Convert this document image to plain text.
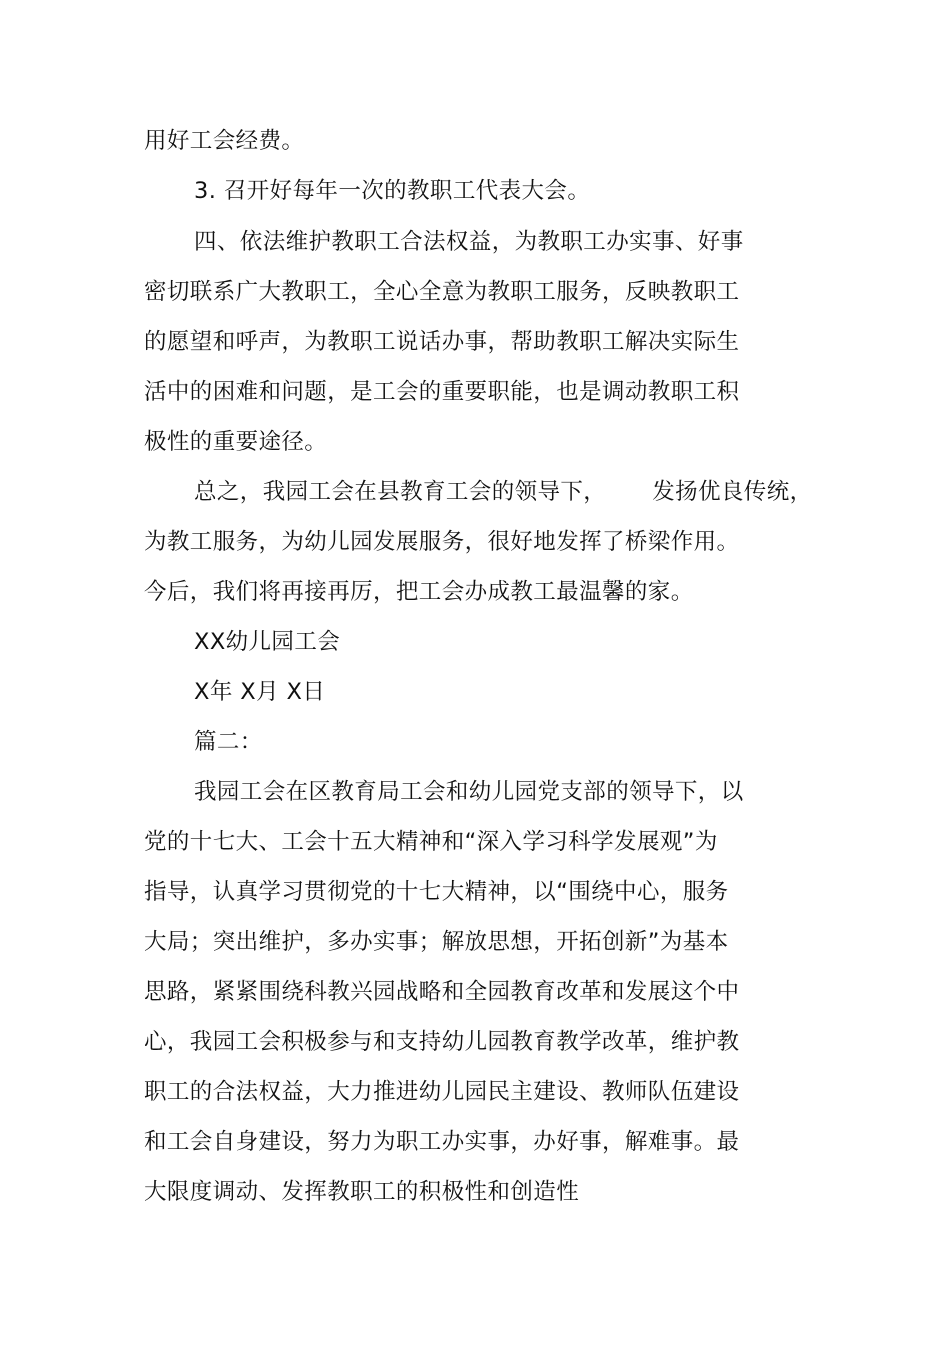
用好工会经费。
3. 召开好每年一次的教职工代表大会。
四、依法维护教职工合法权益，为教职工办实事、好事
密切联系广大教职工，全心全意为教职工服务，反映教职工
的愿望和呼声，为教职工说话办事，帮助教职工解决实际生
活中的困难和问题，是工会的重要职能，也是调动教职工积
极性的重要途径。
总之，我园工会在县教育工会的领导下， 发扬优良传统，
为教工服务，为幼儿园发展服务，很好地发挥了桥梁作用。
今后，我们将再接再厉，把工会办成教工最温馨的家。
XX幼儿园工会
X年 X月 X日
篇二：
我园工会在区教育局工会和幼儿园党支部的领导下，以
党的十七大、工会十五大精神和“深入学习科学发展观”为
指导，认真学习贯彻党的十七大精神，以“围绕中心，服务
大局；突出维护，多办实事；解放思想，开拓创新”为基本
思路，紧紧围绕科教兴园战略和全园教育改革和发展这个中
心，我园工会积极参与和支持幼儿园教育教学改革，维护教
职工的合法权益，大力推进幼儿园民主建设、教师队伍建设
和工会自身建设，努力为职工办实事，办好事，解难事。最
大限度调动、发挥教职工的积极性和创造性
